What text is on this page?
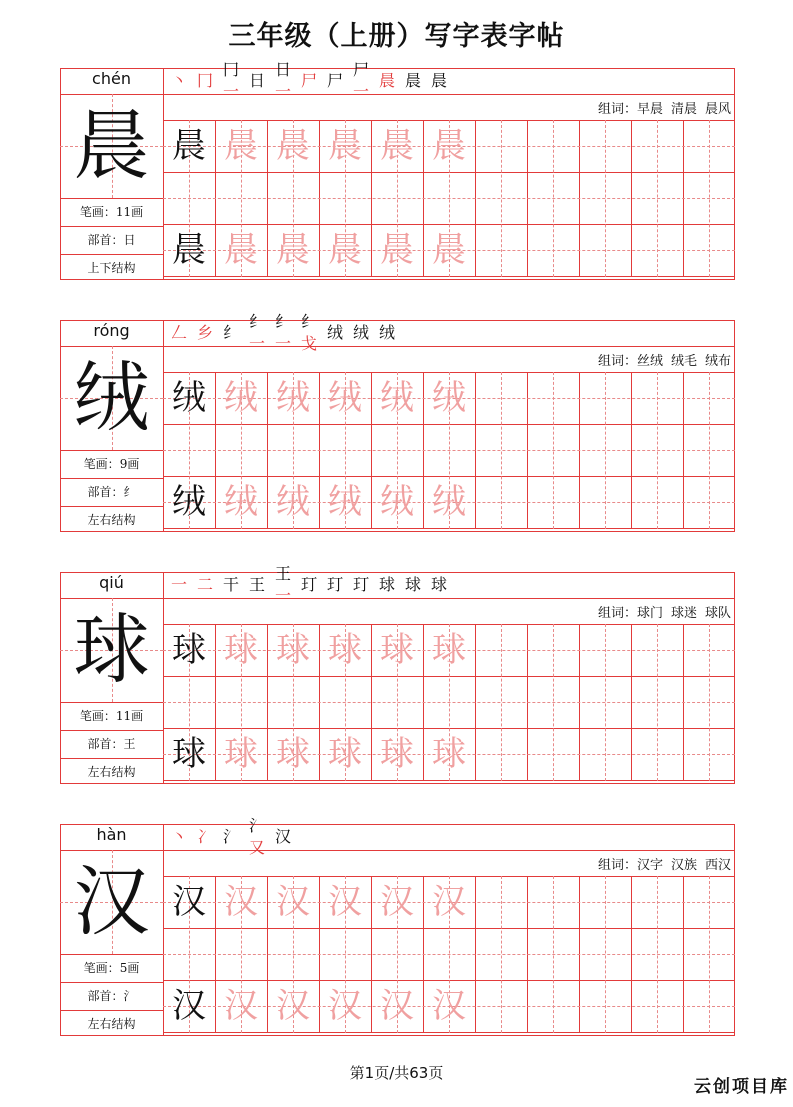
三年级（上册）写字表字帖
chén
晨
笔画：11画
部首：日
上下结构
丶 冂
冂一
日
日一
尸 尸
尸一
晨 晨 晨
组词：早晨 清晨 晨风
晨 晨 晨 晨 晨 晨
晨 晨 晨 晨 晨 晨
róng
绒
笔画：9画
部首：纟
左右结构
𠃋 乡 纟
纟一
纟一
纟戈
绒 绒 绒
组词：丝绒 绒毛 绒布
绒 绒 绒 绒 绒 绒
绒 绒 绒 绒 绒 绒
qiú
球
笔画：11画
部首：王
左右结构
一 二 干 王
王一
玎 玎 玎 球 球 球
组词：球门 球迷 球队
球 球 球 球 球 球
球 球 球 球 球 球
hàn
汉
笔画：5画
部首：氵
左右结构
丶 冫 氵
氵又
汉
组词：汉字 汉族 西汉
汉 汉 汉 汉 汉 汉
汉 汉 汉 汉 汉 汉
第1页/共63页
云创项目库
